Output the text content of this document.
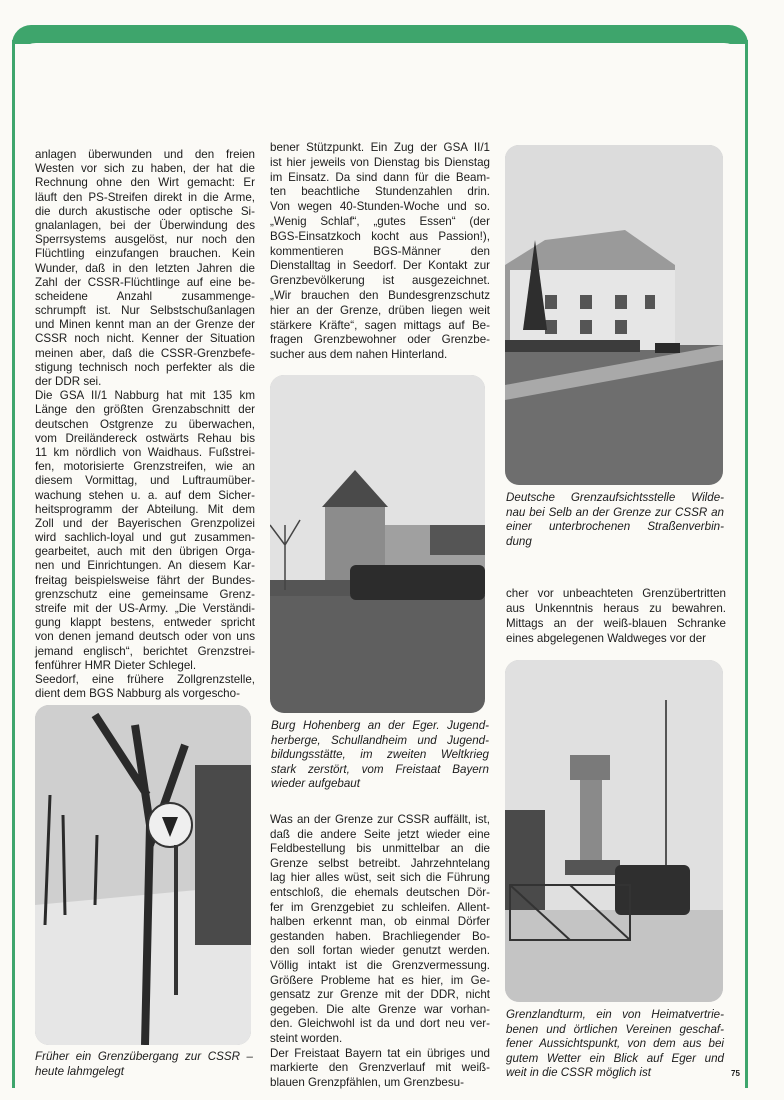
anlagen überwunden und den freien
Westen vor sich zu haben, der hat die
Rechnung ohne den Wirt gemacht: Er
läuft den PS-Streifen direkt in die Arme,
die durch akustische oder optische Si-
gnalanlagen, bei der Überwindung des
Sperrsystems ausgelöst, nur noch den
Flüchtling einzufangen brauchen. Kein
Wunder, daß in den letzten Jahren die
Zahl der CSSR-Flüchtlinge auf eine be-
scheidene Anzahl zusammenge-
schrumpft ist. Nur Selbstschußanlagen
und Minen kennt man an der Grenze der
CSSR noch nicht. Kenner der Situation
meinen aber, daß die CSSR-Grenzbefe-
stigung technisch noch perfekter als die
der DDR sei.
Die GSA II/1 Nabburg hat mit 135 km
Länge den größten Grenzabschnitt der
deutschen Ostgrenze zu überwachen,
vom Dreiländereck ostwärts Rehau bis
11 km nördlich von Waidhaus. Fußstrei-
fen, motorisierte Grenzstreifen, wie an
diesem Vormittag, und Luftraumüber-
wachung stehen u. a. auf dem Sicher-
heitsprogramm der Abteilung. Mit dem
Zoll und der Bayerischen Grenzpolizei
wird sachlich-loyal und gut zusammen-
gearbeitet, auch mit den übrigen Orga-
nen und Einrichtungen. An diesem Kar-
freitag beispielsweise fährt der Bundes-
grenzschutz eine gemeinsame Grenz-
streife mit der US-Army. „Die Verständi-
gung klappt bestens, entweder spricht
von denen jemand deutsch oder von uns
jemand englisch“, berichtet Grenzstrei-
fenführer HMR Dieter Schlegel.
Seedorf, eine frühere Zollgrenzstelle,
dient dem BGS Nabburg als vorgescho-
bener Stützpunkt. Ein Zug der GSA II/1
ist hier jeweils von Dienstag bis Dienstag
im Einsatz. Da sind dann für die Beam-
ten beachtliche Stundenzahlen drin.
Von wegen 40-Stunden-Woche und so.
„Wenig Schlaf“, „gutes Essen“ (der
BGS-Einsatzkoch kocht aus Passion!),
kommentieren BGS-Männer den
Dienstalltag in Seedorf. Der Kontakt zur
Grenzbevölkerung ist ausgezeichnet.
„Wir brauchen den Bundesgrenzschutz
hier an der Grenze, drüben liegen weit
stärkere Kräfte“, sagen mittags auf Be-
fragen Grenzbewohner oder Grenzbe-
sucher aus dem nahen Hinterland.
Was an der Grenze zur CSSR auffällt, ist,
daß die andere Seite jetzt wieder eine
Feldbestellung bis unmittelbar an die
Grenze selbst betreibt. Jahrzehntelang
lag hier alles wüst, seit sich die Führung
entschloß, die ehemals deutschen Dör-
fer im Grenzgebiet zu schleifen. Allent-
halben erkennt man, ob einmal Dörfer
gestanden haben. Brachliegender Bo-
den soll fortan wieder genutzt werden.
Völlig intakt ist die Grenzvermessung.
Größere Probleme hat es hier, im Ge-
gensatz zur Grenze mit der DDR, nicht
gegeben. Die alte Grenze war vorhan-
den. Gleichwohl ist da und dort neu ver-
steint worden.
Der Freistaat Bayern tat ein übriges und
markierte den Grenzverlauf mit weiß-
blauen Grenzpfählen, um Grenzbesu-
cher vor unbeachteten Grenzübertritten
aus Unkenntnis heraus zu bewahren.
Mittags an der weiß-blauen Schranke
eines abgelegenen Waldweges vor der
Deutsche Grenzaufsichtsstelle Wilde-
nau bei Selb an der Grenze zur CSSR an
einer unterbrochenen Straßenverbin-
dung
Burg Hohenberg an der Eger. Jugend-
herberge, Schullandheim und Jugend-
bildungsstätte, im zweiten Weltkrieg
stark zerstört, vom Freistaat Bayern
wieder aufgebaut
Früher ein Grenzübergang zur CSSR –
heute lahmgelegt
Grenzlandturm, ein von Heimatvertrie-
benen und örtlichen Vereinen geschaf-
fener Aussichtspunkt, von dem aus bei
gutem Wetter ein Blick auf Eger und
weit in die CSSR möglich ist	75
